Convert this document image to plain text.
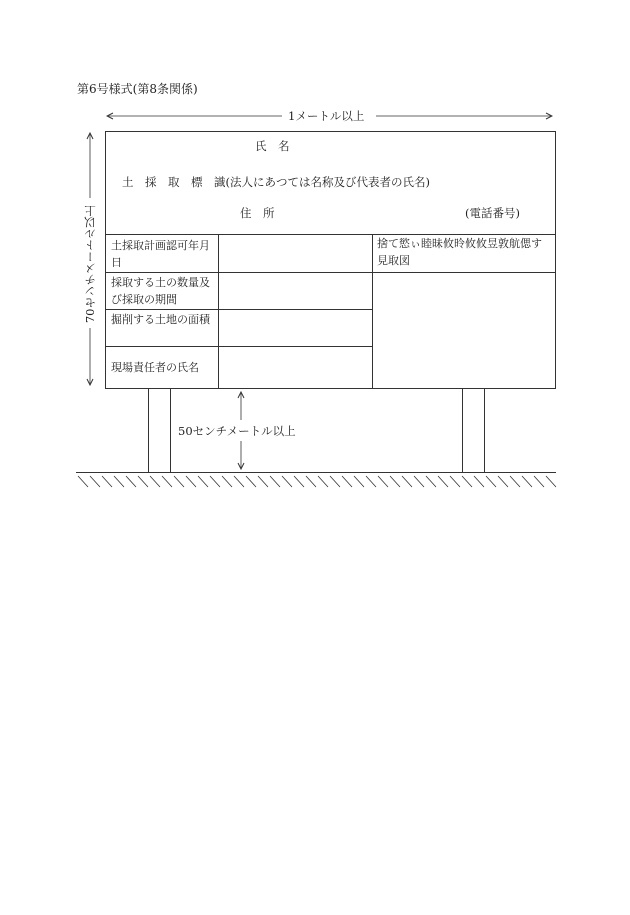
第6号様式(第8条関係)
1メートル以上
70センチメートル以上
氏　名
土　採　取　標　識(法人にあつては名称及び代表者の氏名)
住　所	(電話番号)
土採取計画認可年月日
採取する土の数量及び採取の期間
掘削する土地の面積
現場責任者の氏名
捨て慾ぃ睦昧攸昤攸攸昱敦航偲す見取図
50センチメートル以上
